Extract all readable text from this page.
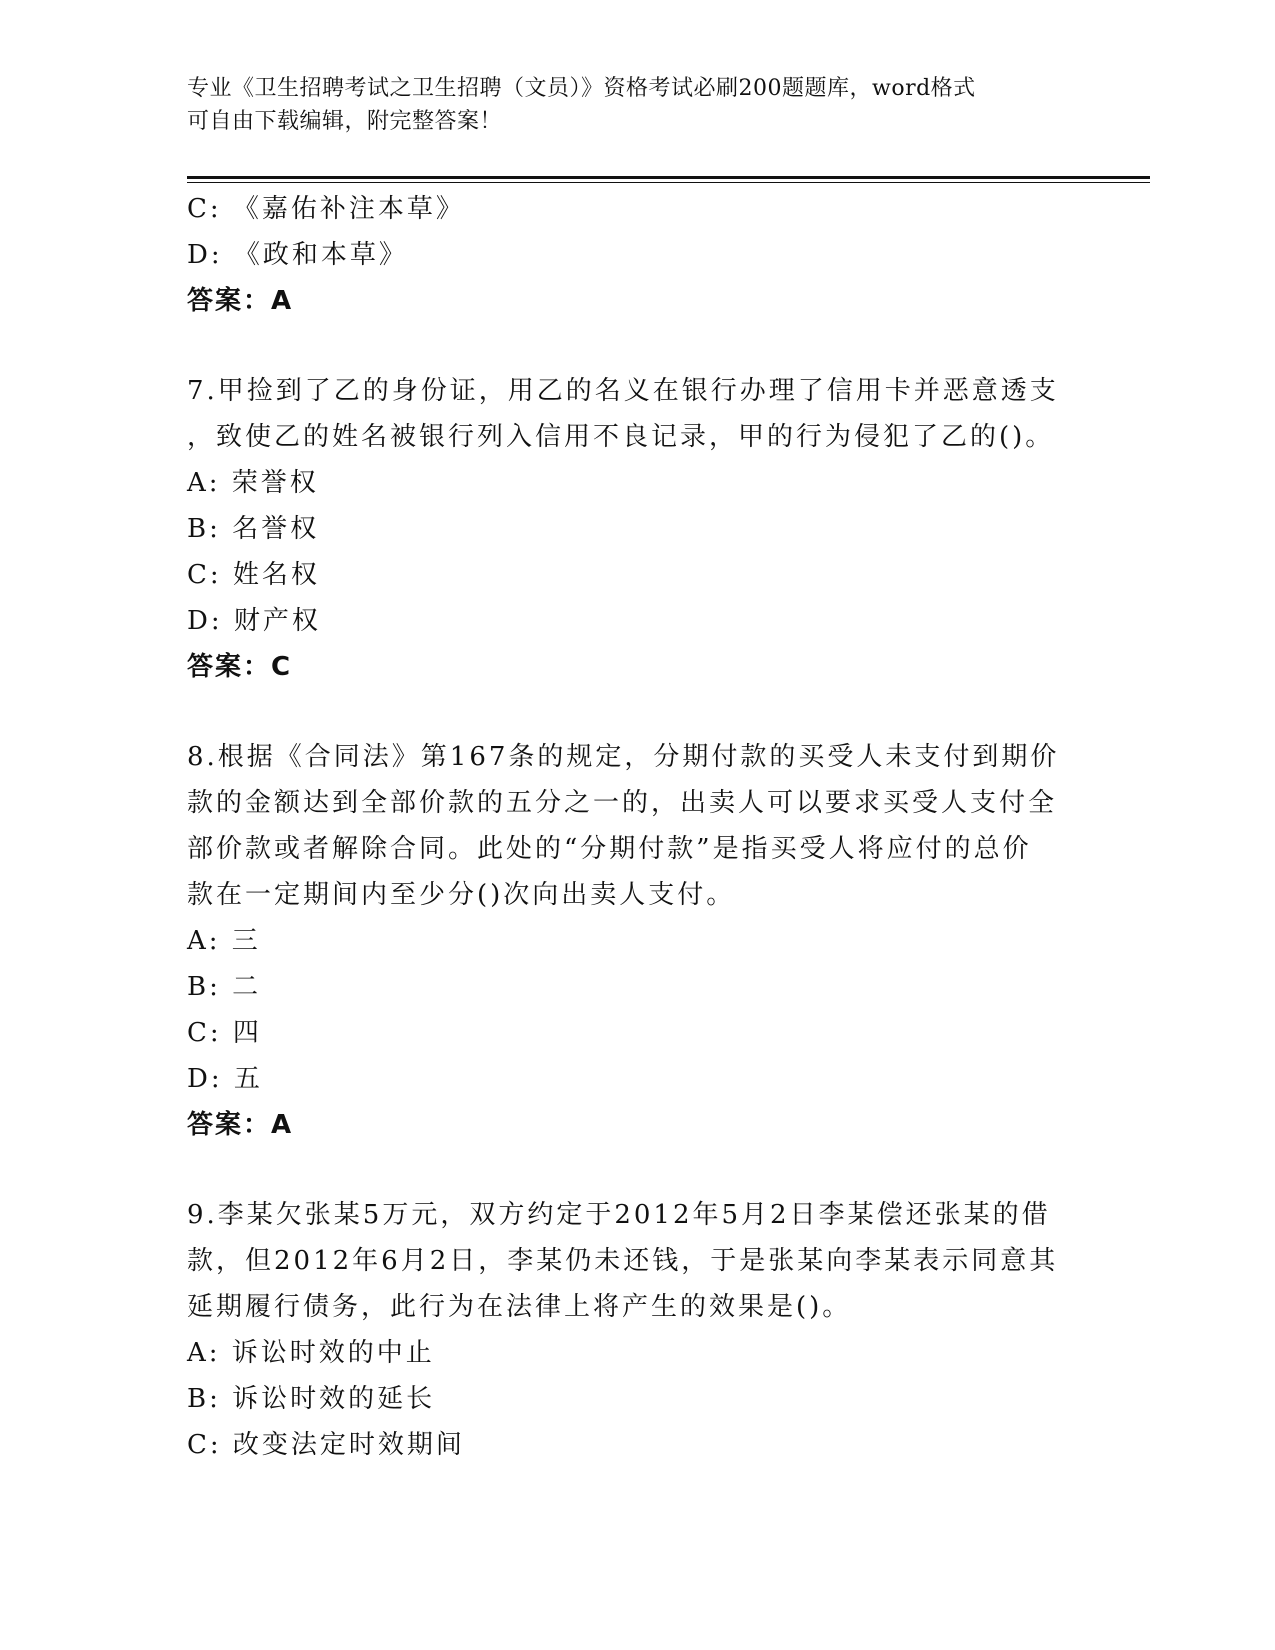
专业《卫生招聘考试之卫生招聘（文员）》资格考试必刷200题题库，word格式
可自由下载编辑，附完整答案！
C: 《嘉佑补注本草》
D: 《政和本草》
答案：A
7.甲捡到了乙的身份证，用乙的名义在银行办理了信用卡并恶意透支
，致使乙的姓名被银行列入信用不良记录，甲的行为侵犯了乙的()。
A: 荣誉权
B: 名誉权
C: 姓名权
D: 财产权
答案：C
8.根据《合同法》第167条的规定，分期付款的买受人未支付到期价
款的金额达到全部价款的五分之一的，出卖人可以要求买受人支付全
部价款或者解除合同。此处的“分期付款”是指买受人将应付的总价
款在一定期间内至少分()次向出卖人支付。
A: 三
B: 二
C: 四
D: 五
答案：A
9.李某欠张某5万元，双方约定于2012年5月2日李某偿还张某的借
款，但2012年6月2日，李某仍未还钱，于是张某向李某表示同意其
延期履行债务，此行为在法律上将产生的效果是()。
A: 诉讼时效的中止
B: 诉讼时效的延长
C: 改变法定时效期间
